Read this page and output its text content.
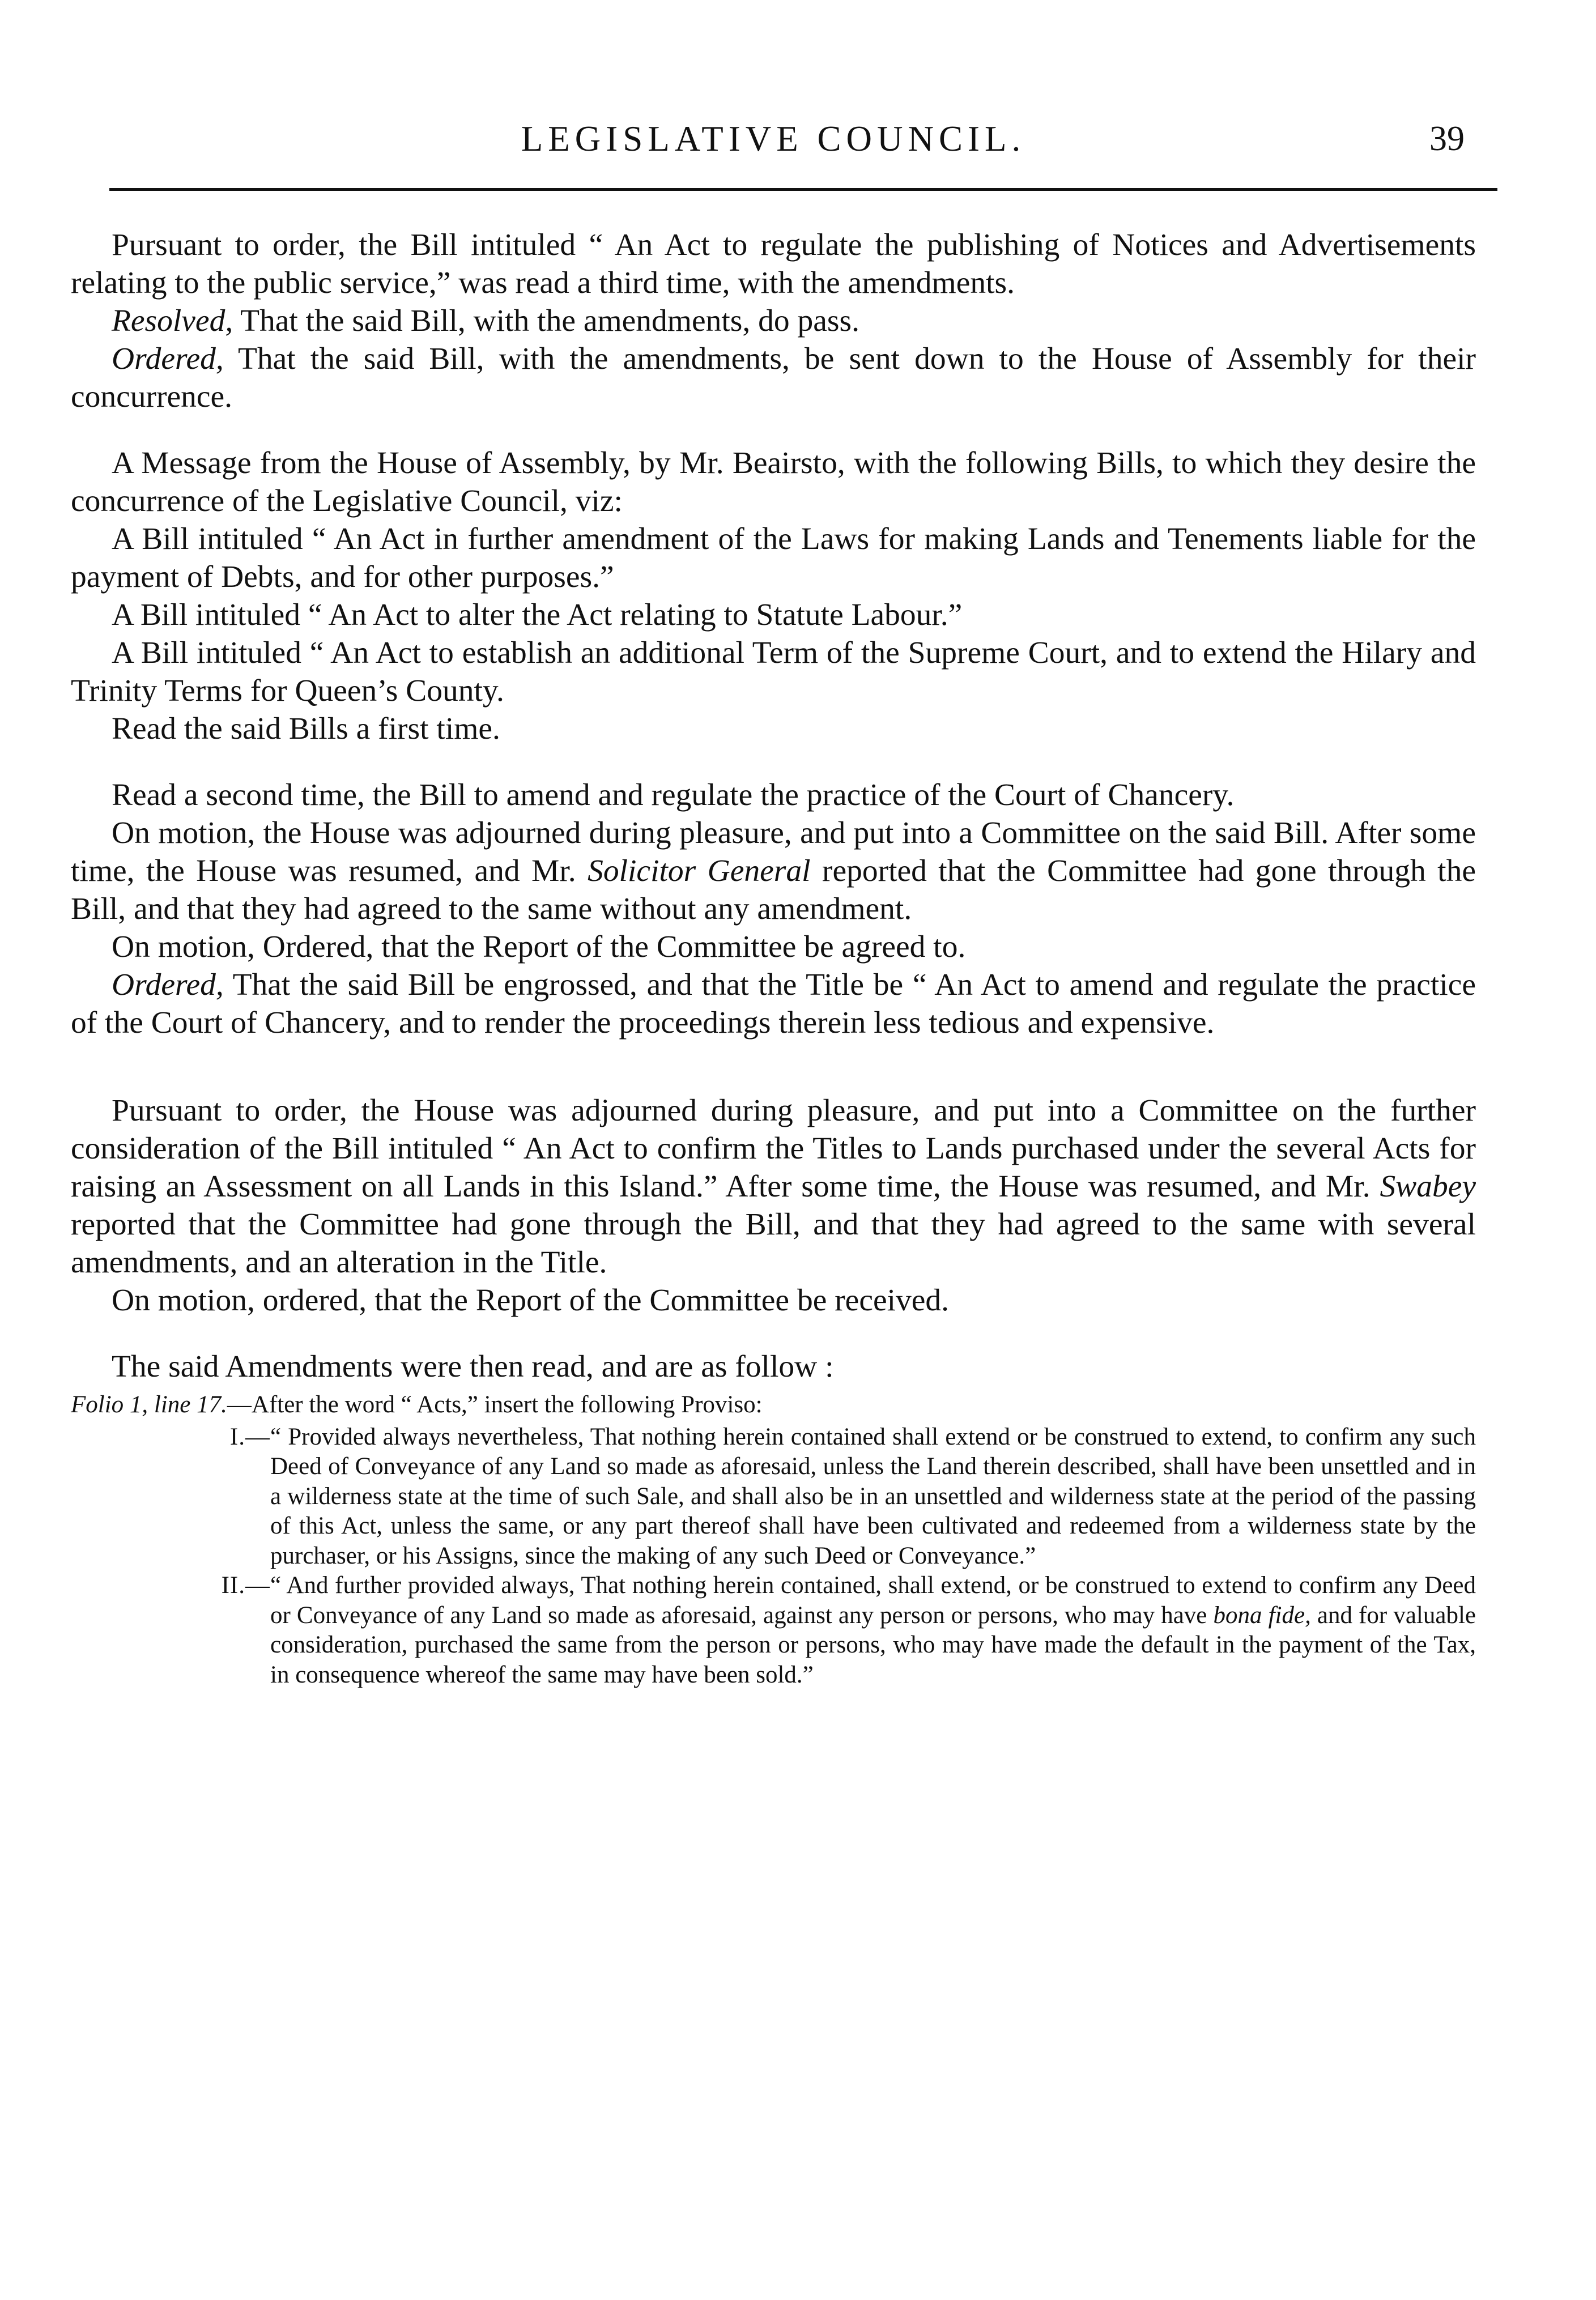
LEGISLATIVE COUNCIL.	39

Pursuant to order, the Bill intituled “ An Act to regulate the publishing of Notices and Advertisements relating to the public service,” was read a third time, with the amendments.

Resolved, That the said Bill, with the amendments, do pass.

Ordered, That the said Bill, with the amendments, be sent down to the House of Assembly for their concurrence.

A Message from the House of Assembly, by Mr. Beairsto, with the following Bills, to which they desire the concurrence of the Legislative Council, viz:

A Bill intituled “ An Act in further amendment of the Laws for making Lands and Tenements liable for the payment of Debts, and for other purposes.”

A Bill intituled “ An Act to alter the Act relating to Statute Labour.”

A Bill intituled “ An Act to establish an additional Term of the Supreme Court, and to extend the Hilary and Trinity Terms for Queen’s County.

Read the said Bills a first time.

Read a second time, the Bill to amend and regulate the practice of the Court of Chancery.

On motion, the House was adjourned during pleasure, and put into a Committee on the said Bill. After some time, the House was resumed, and Mr. Solicitor General reported that the Committee had gone through the Bill, and that they had agreed to the same without any amendment.

On motion, Ordered, that the Report of the Committee be agreed to.

Ordered, That the said Bill be engrossed, and that the Title be “ An Act to amend and regulate the practice of the Court of Chancery, and to render the proceedings therein less tedious and expensive.

Pursuant to order, the House was adjourned during pleasure, and put into a Committee on the further consideration of the Bill intituled “ An Act to confirm the Titles to Lands purchased under the several Acts for raising an Assessment on all Lands in this Island.” After some time, the House was resumed, and Mr. Swabey reported that the Committee had gone through the Bill, and that they had agreed to the same with several amendments, and an alteration in the Title.

On motion, ordered, that the Report of the Committee be received.

The said Amendments were then read, and are as follow :

Folio 1, line 17.—After the word “ Acts,” insert the following Proviso:

I.— “ Provided always nevertheless, That nothing herein contained shall extend or be construed to extend, to confirm any such Deed of Conveyance of any Land so made as aforesaid, unless the Land therein described, shall have been unsettled and in a wilderness state at the time of such Sale, and shall also be in an unsettled and wilderness state at the period of the passing of this Act, unless the same, or any part thereof shall have been cultivated and redeemed from a wilderness state by the purchaser, or his Assigns, since the making of any such Deed or Conveyance.”
II.— “ And further provided always, That nothing herein contained, shall extend, or be construed to extend to confirm any Deed or Conveyance of any Land so made as aforesaid, against any person or persons, who may have bona fide, and for valuable consideration, purchased the same from the person or persons, who may have made the default in the payment of the Tax, in consequence whereof the same may have been sold.”
